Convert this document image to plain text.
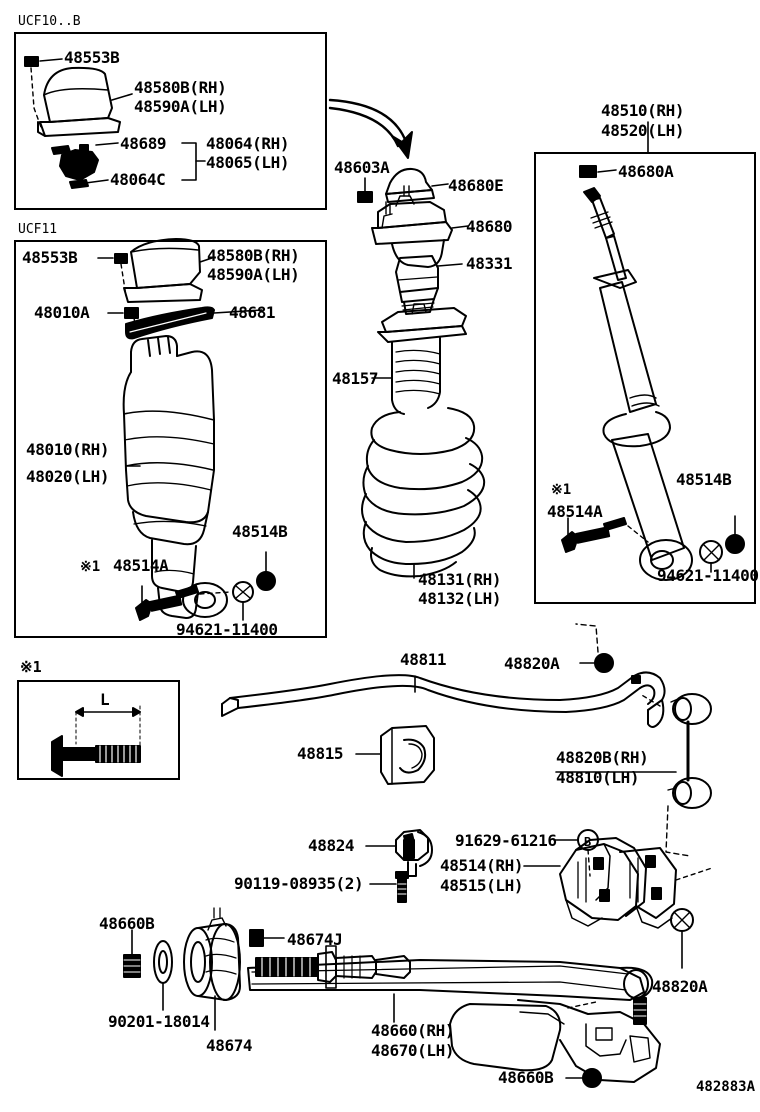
UCF10..B
UCF11
※1
L
48553B
48580B(RH)
48590A(LH)
48689
48064C
48064(RH)
48065(LH)
48553B	48580B(RH)
48590A(LH)
48010A	48681
48010(RH)
48020(LH)
48514B
※1 48514A
94621-11400
48603A
48680E
48680
48331
48157
48131(RH)
48132(LH)
48510(RH)
48520(LH)
48680A
48514B
※1
48514A
94621-11400
48811
48815
48820A
48820B(RH)
48810(LH)
48824
90119-08935(2)
91629-61216 B
48660B
90201-18014
48674
48674J
48514(RH)
48515(LH)
48660(RH)
48670(LH)
48820A
48660B	482883A
